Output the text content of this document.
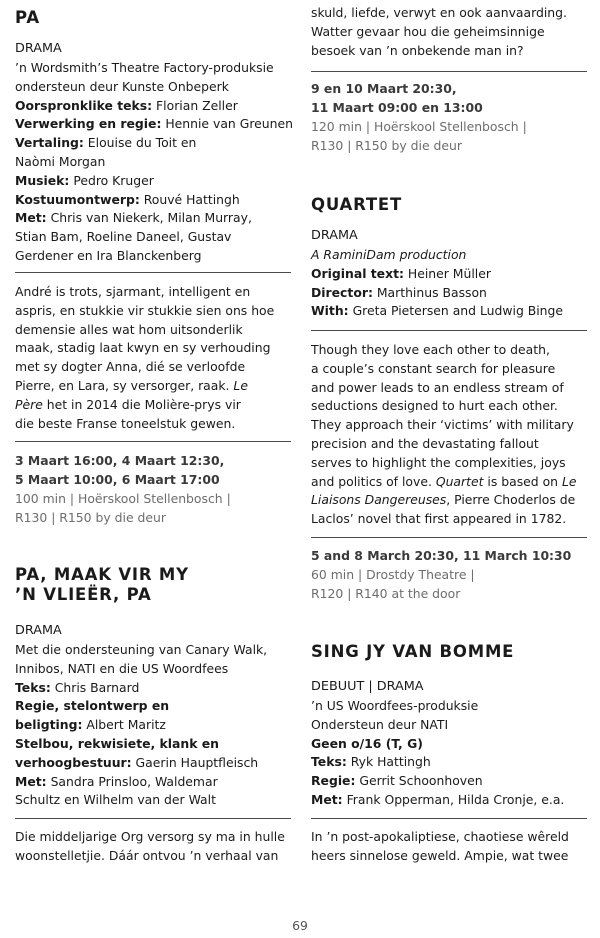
PA
DRAMA
’n Wordsmith’s Theatre Factory-produksie
ondersteun deur Kunste Onbeperk
Oorspronklike teks: Florian Zeller
Verwerking en regie: Hennie van Greunen
Vertaling: Elouise du Toit en
Naòmi Morgan
Musiek: Pedro Kruger
Kostuumontwerp: Rouvé Hattingh
Met: Chris van Niekerk, Milan Murray,
Stian Bam, Roeline Daneel, Gustav
Gerdener en Ira Blanckenberg
André is trots, sjarmant, intelligent en
aspris, en stukkie vir stukkie sien ons hoe
demensie alles wat hom uitsonderlik
maak, stadig laat kwyn en sy verhouding
met sy dogter Anna, dié se verloofde
Pierre, en Lara, sy versorger, raak. Le
Père het in 2014 die Molière-prys vir
die beste Franse toneelstuk gewen.
3 Maart 16:00, 4 Maart 12:30,
5 Maart 10:00, 6 Maart 17:00
100 min | Hoërskool Stellenbosch |
R130 | R150 by die deur
PA, MAAK VIR MY
’N VLIEËR, PA
DRAMA
Met die ondersteuning van Canary Walk,
Innibos, NATI en die US Woordfees
Teks: Chris Barnard
Regie, stelontwerp en
beligting: Albert Maritz
Stelbou, rekwisiete, klank en
verhoogbestuur: Gaerin Hauptfleisch
Met: Sandra Prinsloo, Waldemar
Schultz en Wilhelm van der Walt
Die middeljarige Org versorg sy ma in hulle
woonstelletjie. Dáár ontvou ’n verhaal van
skuld, liefde, verwyt en ook aanvaarding.
Watter gevaar hou die geheimsinnige
besoek van ’n onbekende man in?
9 en 10 Maart 20:30,
11 Maart 09:00 en 13:00
120 min | Hoërskool Stellenbosch |
R130 | R150 by die deur
QUARTET
DRAMA
A RaminiDam production
Original text: Heiner Müller
Director: Marthinus Basson
With: Greta Pietersen and Ludwig Binge
Though they love each other to death,
a couple’s constant search for pleasure
and power leads to an endless stream of
seductions designed to hurt each other.
They approach their ‘victims’ with military
precision and the devastating fallout
serves to highlight the complexities, joys
and politics of love. Quartet is based on Le
Liaisons Dangereuses, Pierre Choderlos de
Laclos’ novel that first appeared in 1782.
5 and 8 March 20:30, 11 March 10:30
60 min | Drostdy Theatre |
R120 | R140 at the door
SING JY VAN BOMME
DEBUUT | DRAMA
’n US Woordfees-produksie
Ondersteun deur NATI
Geen o/16 (T, G)
Teks: Ryk Hattingh
Regie: Gerrit Schoonhoven
Met: Frank Opperman, Hilda Cronje, e.a.
In ’n post-apokaliptiese, chaotiese wêreld
heers sinnelose geweld. Ampie, wat twee
69
